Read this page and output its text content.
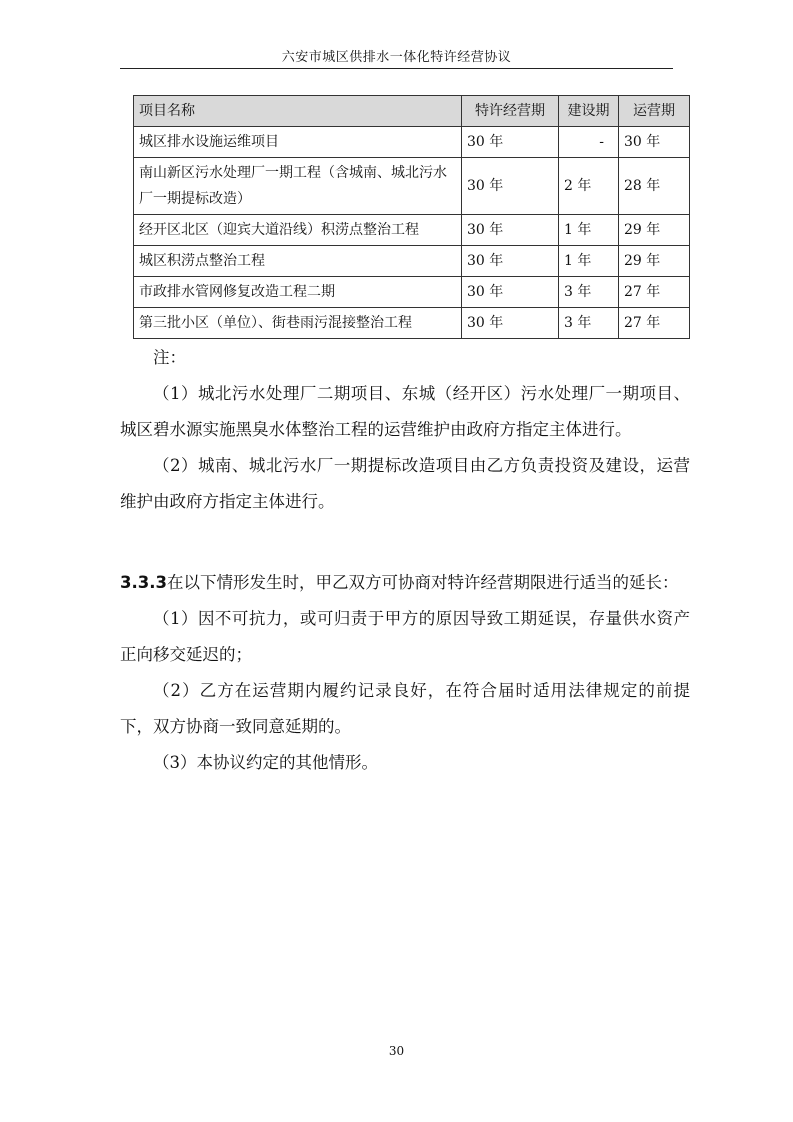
六安市城区供排水一体化特许经营协议
项目名称	特许经营期	建设期	运营期
城区排水设施运维项目	30 年	-	30 年
南山新区污水处理厂一期工程（含城南、城北污水厂一期提标改造）	30 年	2 年	28 年
经开区北区（迎宾大道沿线）积涝点整治工程	30 年	1 年	29 年
城区积涝点整治工程	30 年	1 年	29 年
市政排水管网修复改造工程二期	30 年	3 年	27 年
第三批小区（单位）、街巷雨污混接整治工程	30 年	3 年	27 年

注：

（1）城北污水处理厂二期项目、东城（经开区）污水处理厂一期项目、城区碧水源实施黑臭水体整治工程的运营维护由政府方指定主体进行。

（2）城南、城北污水厂一期提标改造项目由乙方负责投资及建设，运营维护由政府方指定主体进行。

3.3.3在以下情形发生时，甲乙双方可协商对特许经营期限进行适当的延长：

（1）因不可抗力，或可归责于甲方的原因导致工期延误，存量供水资产正向移交延迟的；

（2）乙方在运营期内履约记录良好，在符合届时适用法律规定的前提下，双方协商一致同意延期的。

（3）本协议约定的其他情形。

30
